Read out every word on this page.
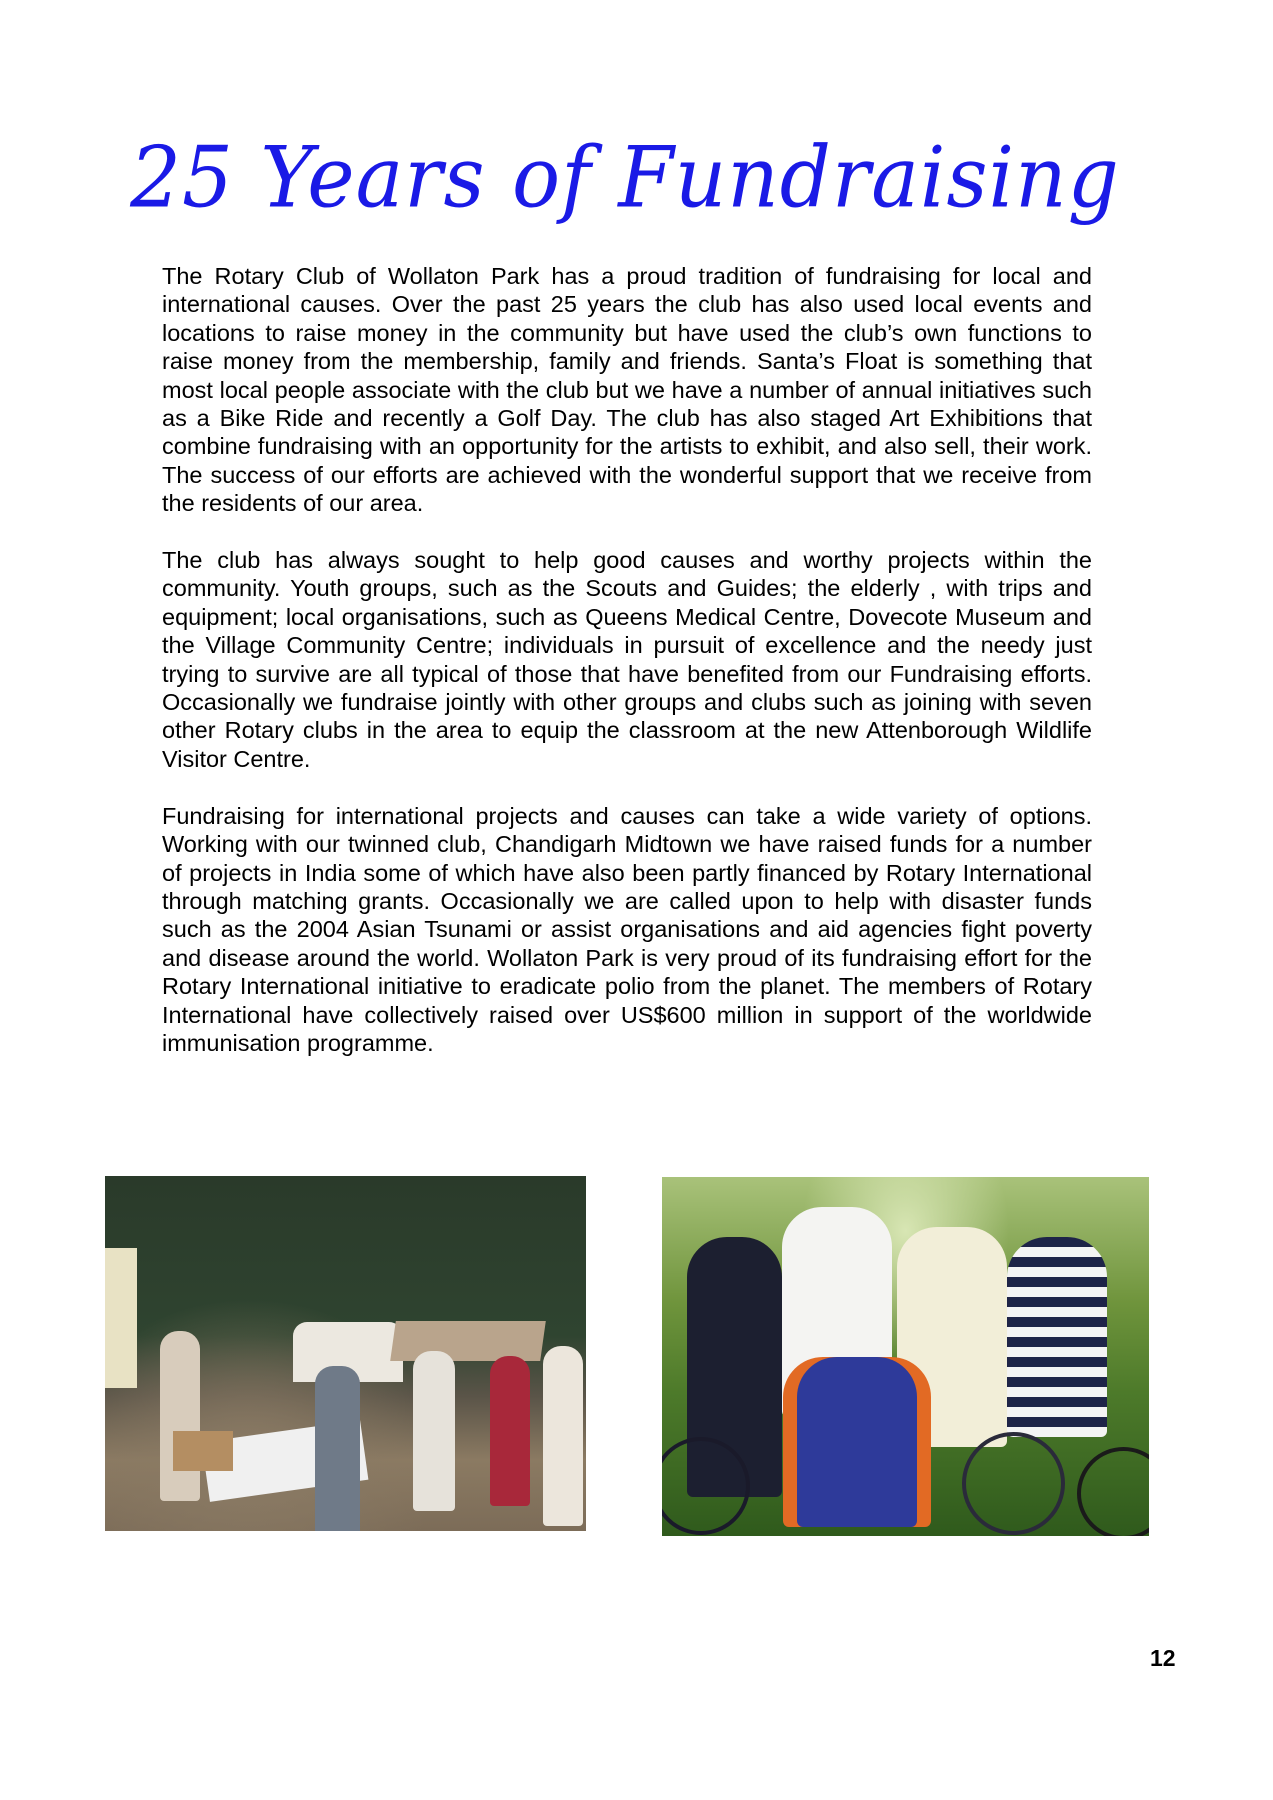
25 Years of Fundraising

The Rotary Club of Wollaton Park has a proud tradition of fundraising for local and international causes. Over the past 25 years the club has also used local events and locations to raise money in the community but have used the club’s own functions to raise money from the membership, family and friends. Santa’s Float is something that most local people associate with the club but we have a number of annual initiatives such as a Bike Ride and recently a Golf Day. The club has also staged Art Exhibitions that combine fundraising with an opportunity for the artists to exhibit, and also sell, their work. The success of our efforts are achieved with the wonderful support that we receive from the residents of our area.

The club has always sought to help good causes and worthy projects within the community. Youth groups, such as the Scouts and Guides; the elderly , with trips and equipment; local organisations, such as Queens Medical Centre, Dovecote Museum and the Village Community Centre; individuals in pursuit of excellence and the needy just trying to survive are all typical of those that have benefited from our Fundraising efforts. Occasionally we fundraise jointly with other groups and clubs such as joining with seven other Rotary clubs in the area to equip the classroom at the new Attenborough Wildlife Visitor Centre.

Fundraising for international projects and causes can take a wide variety of options. Working with our twinned club, Chandigarh Midtown we have raised funds for a number of projects in India some of which have also been partly financed by Rotary International through matching grants. Occasionally we are called upon to help with disaster funds such as the 2004 Asian Tsunami or assist organisations and aid agencies fight poverty and disease around the world. Wollaton Park is very proud of its fundraising effort for the Rotary International initiative to eradicate polio from the planet. The members of Rotary International have collectively raised over US$600 million in support of the worldwide immunisation programme.

12
